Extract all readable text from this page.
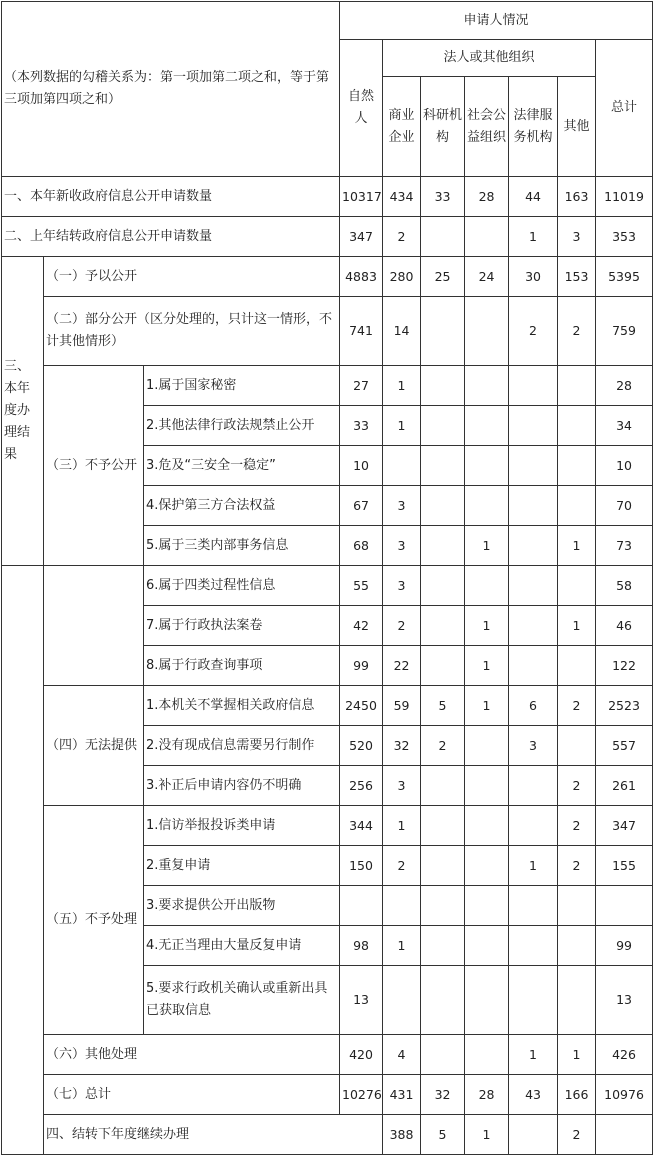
（本列数据的勾稽关系为：第一项加第二项之和，等于第三项加第四项之和）			申请人情况							
			自然人	法人或其他组织					总计	
				商业企业	科研机构	社会公益组织	法律服务机构	其他		
一、本年新收政府信息公开申请数量			10317	434	33	28	44	163	11019	
二、上年结转政府信息公开申请数量			347	2			1	3	353	
三、本年度办理结果	（一）予以公开		4883	280	25	24	30	153	5395	
	（二）部分公开（区分处理的，只计这一情形，不计其他情形）		741	14			2	2	759	
	（三）不予公开	1.属于国家秘密	27	1					28	
		2.其他法律行政法规禁止公开	33	1					34	
		3.危及“三安全一稳定”	10						10	
		4.保护第三方合法权益	67	3					70	
		5.属于三类内部事务信息	68	3		1		1	73	
		6.属于四类过程性信息	55	3					58	
		7.属于行政执法案卷	42	2		1		1	46	
		8.属于行政查询事项	99	22		1			122	
	（四）无法提供	1.本机关不掌握相关政府信息	2450	59	5	1	6	2	2523	
		2.没有现成信息需要另行制作	520	32	2		3		557	
		3.补正后申请内容仍不明确	256	3				2	261	
	（五）不予处理	1.信访举报投诉类申请	344	1				2	347	
		2.重复申请	150	2			1	2	155	
		3.要求提供公开出版物								
		4.无正当理由大量反复申请	98	1					99	
		5.要求行政机关确认或重新出具已获取信息	13						13	
	（六）其他处理		420	4			1	1	426	
	（七）总计		10276	431	32	28	43	166	10976	
	四、结转下年度继续办理			388	5	1		2		
